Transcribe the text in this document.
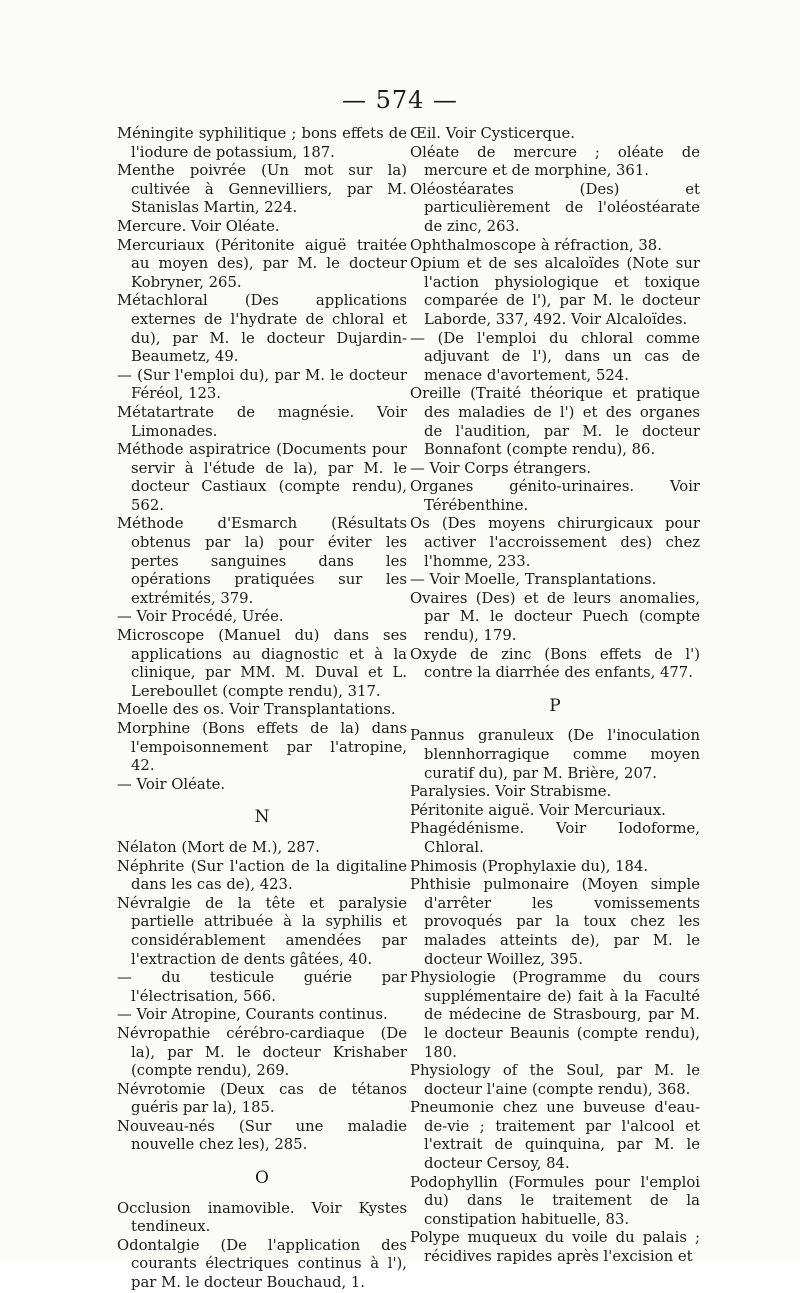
— 574 —

Méningite syphilitique ; bons effets de l'iodure de potassium, 187.

Menthe poivrée (Un mot sur la) cultivée à Gennevilliers, par M. Stanislas Martin, 224.

Mercure. Voir Oléate.

Mercuriaux (Péritonite aiguë traitée au moyen des), par M. le docteur Kobryner, 265.

Métachloral (Des applications externes de l'hydrate de chloral et du), par M. le docteur Dujardin-Beaumetz, 49.

— (Sur l'emploi du), par M. le docteur Féréol, 123.

Métatartrate de magnésie. Voir Limonades.

Méthode aspiratrice (Documents pour servir à l'étude de la), par M. le docteur Castiaux (compte rendu), 562.

Méthode d'Esmarch (Résultats obtenus par la) pour éviter les pertes sanguines dans les opérations pratiquées sur les extrémités, 379.

— Voir Procédé, Urée.

Microscope (Manuel du) dans ses applications au diagnostic et à la clinique, par MM. M. Duval et L. Lereboullet (compte rendu), 317.

Moelle des os. Voir Transplantations.

Morphine (Bons effets de la) dans l'empoisonnement par l'atropine, 42.

— Voir Oléate.

N

Nélaton (Mort de M.), 287.

Néphrite (Sur l'action de la digitaline dans les cas de), 423.

Névralgie de la tête et paralysie partielle attribuée à la syphilis et considérablement amendées par l'extraction de dents gâtées, 40.

— du testicule guérie par l'électrisation, 566.

— Voir Atropine, Courants continus.

Névropathie cérébro-cardiaque (De la), par M. le docteur Krishaber (compte rendu), 269.

Névrotomie (Deux cas de tétanos guéris par la), 185.

Nouveau-nés (Sur une maladie nouvelle chez les), 285.

O

Occlusion inamovible. Voir Kystes tendineux.

Odontalgie (De l'application des courants électriques continus à l'), par M. le docteur Bouchaud, 1.

Œil. Voir Cysticerque.

Oléate de mercure ; oléate de mercure et de morphine, 361.

Oléostéarates (Des) et particulièrement de l'oléostéarate de zinc, 263.

Ophthalmoscope à réfraction, 38.

Opium et de ses alcaloïdes (Note sur l'action physiologique et toxique comparée de l'), par M. le docteur Laborde, 337, 492. Voir Alcaloïdes.

— (De l'emploi du chloral comme adjuvant de l'), dans un cas de menace d'avortement, 524.

Oreille (Traité théorique et pratique des maladies de l') et des organes de l'audition, par M. le docteur Bonnafont (compte rendu), 86.

— Voir Corps étrangers.

Organes génito-urinaires. Voir Térébenthine.

Os (Des moyens chirurgicaux pour activer l'accroissement des) chez l'homme, 233.

— Voir Moelle, Transplantations.

Ovaires (Des) et de leurs anomalies, par M. le docteur Puech (compte rendu), 179.

Oxyde de zinc (Bons effets de l') contre la diarrhée des enfants, 477.

P

Pannus granuleux (De l'inoculation blennhorragique comme moyen curatif du), par M. Brière, 207.

Paralysies. Voir Strabisme.

Péritonite aiguë. Voir Mercuriaux.

Phagédénisme. Voir Iodoforme, Chloral.

Phimosis (Prophylaxie du), 184.

Phthisie pulmonaire (Moyen simple d'arrêter les vomissements provoqués par la toux chez les malades atteints de), par M. le docteur Woillez, 395.

Physiologie (Programme du cours supplémentaire de) fait à la Faculté de médecine de Strasbourg, par M. le docteur Beaunis (compte rendu), 180.

Physiology of the Soul, par M. le docteur l'aine (compte rendu), 368.

Pneumonie chez une buveuse d'eau-de-vie ; traitement par l'alcool et l'extrait de quinquina, par M. le docteur Cersoy, 84.

Podophyllin (Formules pour l'emploi du) dans le traitement de la constipation habituelle, 83.

Polype muqueux du voile du palais ; récidives rapides après l'excision et
